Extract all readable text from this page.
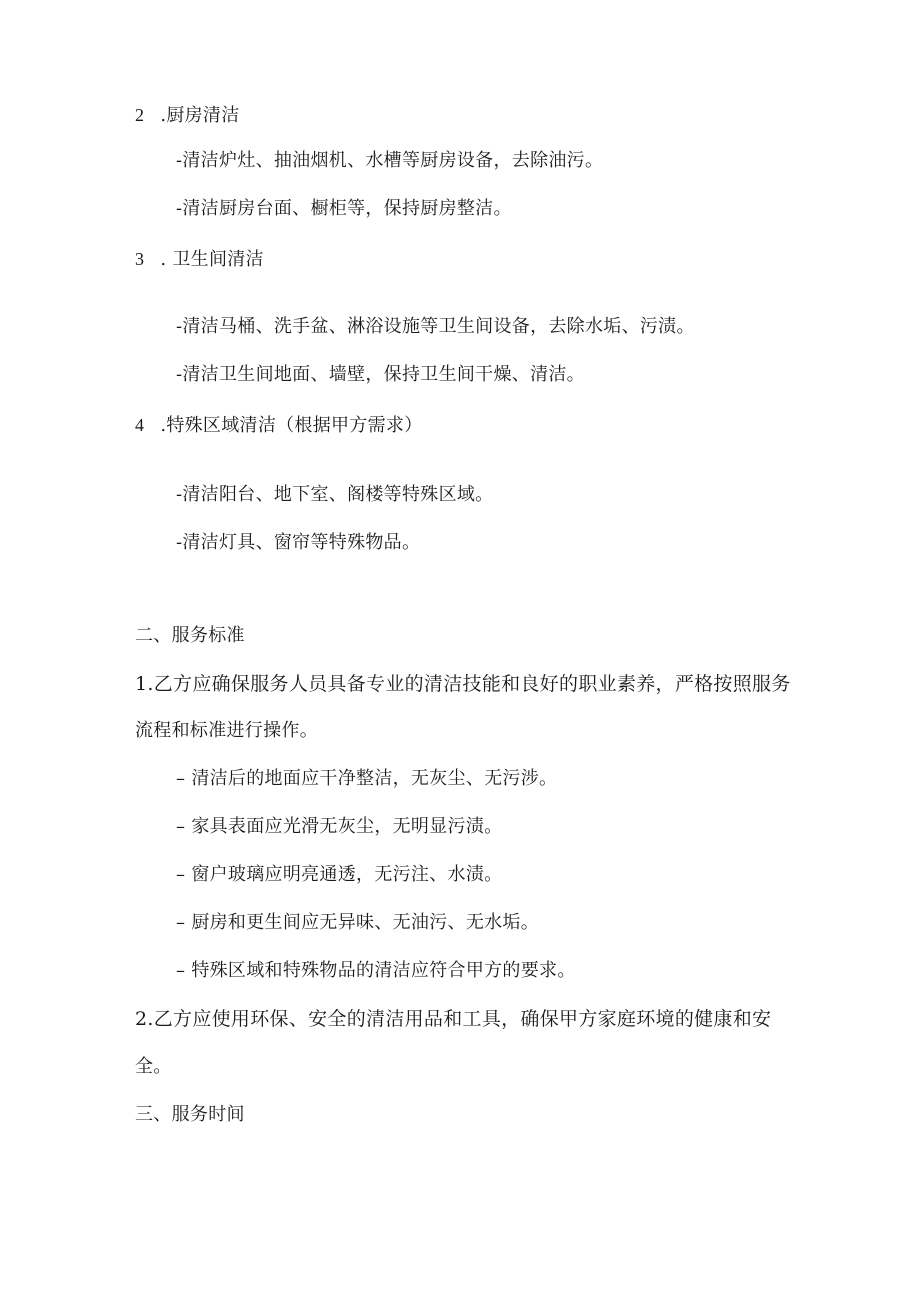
2 .厨房清洁
-清洁炉灶、抽油烟机、水槽等厨房设备，去除油污。
-清洁厨房台面、橱柜等，保持厨房整洁。
3 . 卫生间清洁
-清洁马桶、洗手盆、淋浴设施等卫生间设备，去除水垢、污渍。
-清洁卫生间地面、墙壁，保持卫生间干燥、清洁。
4 .特殊区域清洁（根据甲方需求）
-清洁阳台、地下室、阁楼等特殊区域。
-清洁灯具、窗帘等特殊物品。
二、服务标准
1.乙方应确保服务人员具备专业的清洁技能和良好的职业素养，严格按照服务
流程和标准进行操作。
– 清洁后的地面应干净整洁，无灰尘、无污涉。
– 家具表面应光滑无灰尘，无明显污渍。
– 窗户玻璃应明亮通透，无污注、水渍。
– 厨房和更生间应无异味、无油污、无水垢。
– 特殊区域和特殊物品的清洁应符合甲方的要求。
2.乙方应使用环保、安全的清洁用品和工具，确保甲方家庭环境的健康和安
全。
三、服务时间
